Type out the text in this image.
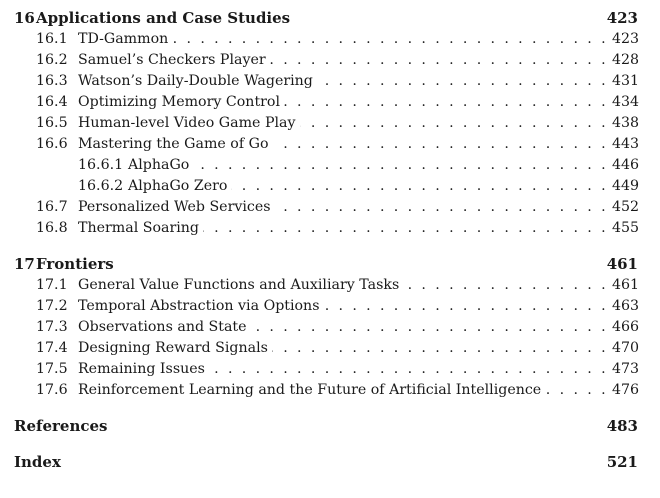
16 Applications and Case Studies	423
16.1 TD-Gammon . . .	423
16.2 Samuel’s Checkers Player . . .	428
16.3 Watson’s Daily-Double Wagering . . .	431
16.4 Optimizing Memory Control . . .	434
16.5 Human-level Video Game Play . . .	438
16.6 Mastering the Game of Go . . .	443
16.6.1 AlphaGo . . .	446
16.6.2 AlphaGo Zero . . .	449
16.7 Personalized Web Services . . .	452
16.8 Thermal Soaring . . .	455
17 Frontiers	461
17.1 General Value Functions and Auxiliary Tasks . . .	461
17.2 Temporal Abstraction via Options . . .	463
17.3 Observations and State . . .	466
17.4 Designing Reward Signals . . .	470
17.5 Remaining Issues . . .	473
17.6 Reinforcement Learning and the Future of Artificial Intelligence . . .	476
References	483
Index	521
